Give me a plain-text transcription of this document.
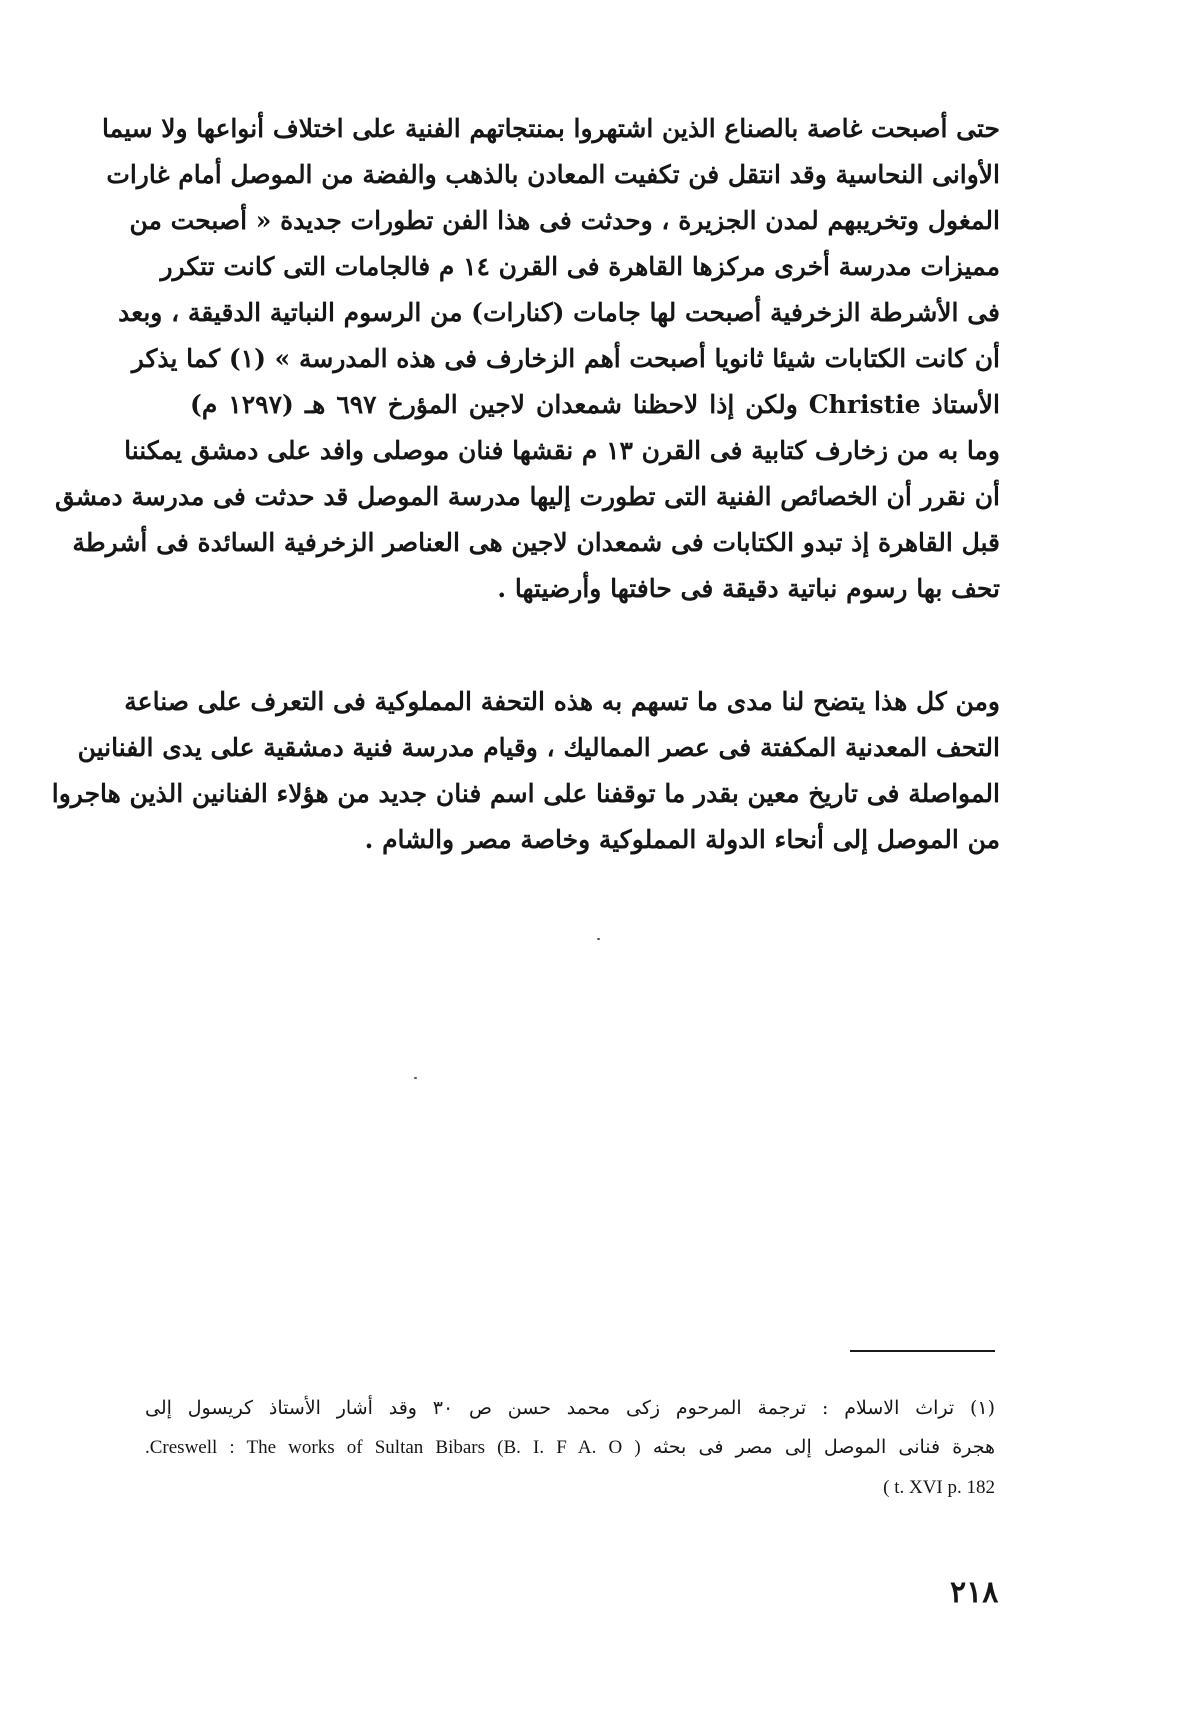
حتى أصبحت غاصة بالصناع الذين اشتهروا بمنتجاتهم الفنية على اختلاف أنواعها ولا سيما
الأوانى النحاسية وقد انتقل فن تكفيت المعادن بالذهب والفضة من الموصل أمام غارات
المغول وتخريبهم لمدن الجزيرة ، وحدثت فى هذا الفن تطورات جديدة « أصبحت من
مميزات مدرسة أخرى مركزها القاهرة فى القرن ١٤ م فالجامات التى كانت تتكرر
فى الأشرطة الزخرفية أصبحت لها جامات (كنارات) من الرسوم النباتية الدقيقة ، وبعد
أن كانت الكتابات شيئا ثانويا أصبحت أهم الزخارف فى هذه المدرسة » (١) كما يذكر
الأستاذ Christie ولكن إذا لاحظنا شمعدان لاجين المؤرخ ٦٩٧ هـ (١٢٩٧ م)
وما به من زخارف كتابية فى القرن ١٣ م نقشها فنان موصلى وافد على دمشق يمكننا
أن نقرر أن الخصائص الفنية التى تطورت إليها مدرسة الموصل قد حدثت فى مدرسة دمشق
قبل القاهرة إذ تبدو الكتابات فى شمعدان لاجين هى العناصر الزخرفية السائدة فى أشرطة
تحف بها رسوم نباتية دقيقة فى حافتها وأرضيتها .
ومن كل هذا يتضح لنا مدى ما تسهم به هذه التحفة المملوكية فى التعرف على صناعة
التحف المعدنية المكفتة فى عصر المماليك ، وقيام مدرسة فنية دمشقية على يدى الفنانين
المواصلة فى تاريخ معين بقدر ما توقفنا على اسم فنان جديد من هؤلاء الفنانين الذين هاجروا
من الموصل إلى أنحاء الدولة المملوكية وخاصة مصر والشام .
(١) تراث الاسلام : ترجمة المرحوم زكى محمد حسن ص ٣٠ وقد أشار الأستاذ كريسول إلى
هجرة فنانى الموصل إلى مصر فى بحثه ( Creswell : The works of Sultan Bibars (B. I. F A. O.
t. XVI p. 182 )
٢١٨
